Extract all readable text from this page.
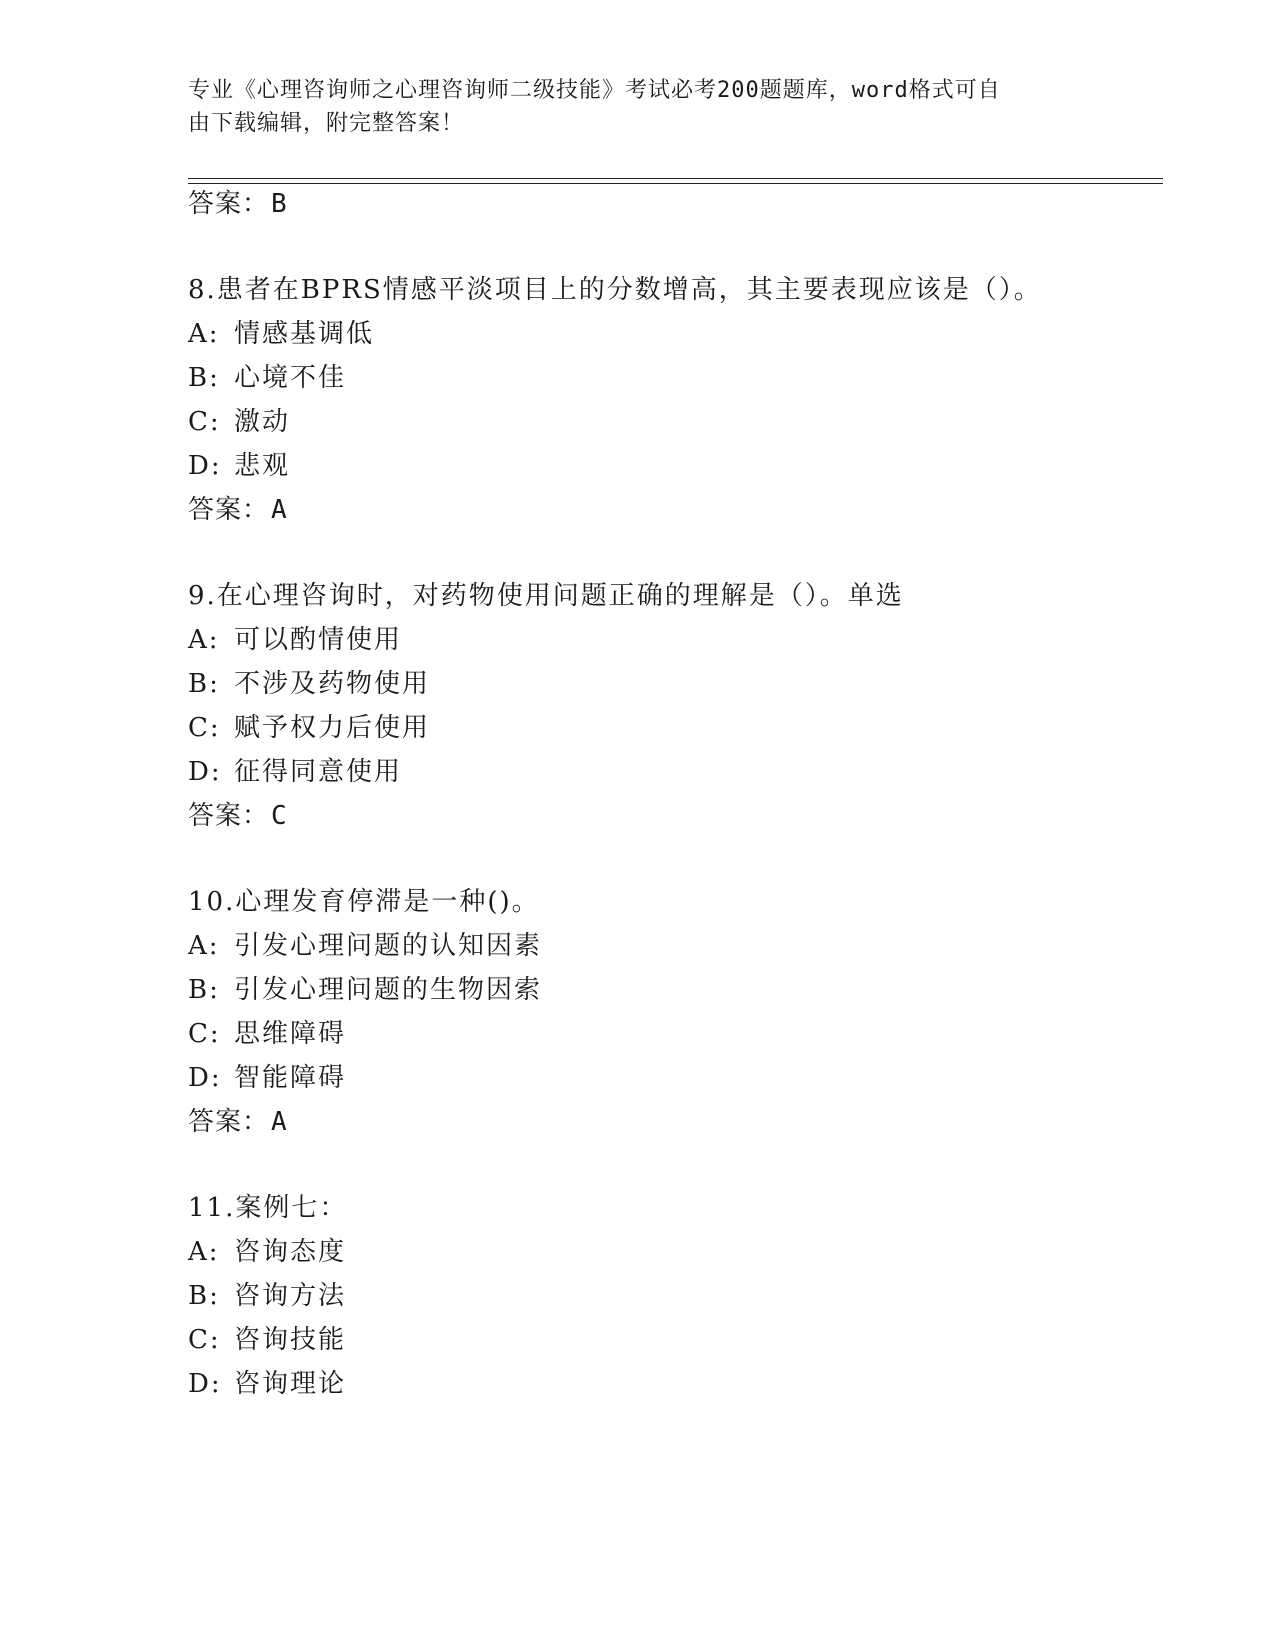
专业《心理咨询师之心理咨询师二级技能》考试必考200题题库，word格式可自
由下载编辑，附完整答案！
答案：B
8.患者在BPRS情感平淡项目上的分数增高，其主要表现应该是（）。
A: 情感基调低
B: 心境不佳
C: 激动
D: 悲观
答案：A
9.在心理咨询时，对药物使用问题正确的理解是（）。单选
A: 可以酌情使用
B: 不涉及药物使用
C: 赋予权力后使用
D: 征得同意使用
答案：C
10.心理发育停滞是一种()。
A: 引发心理问题的认知因素
B: 引发心理问题的生物因索
C: 思维障碍
D: 智能障碍
答案：A
11.案例七：
A: 咨询态度
B: 咨询方法
C: 咨询技能
D: 咨询理论
